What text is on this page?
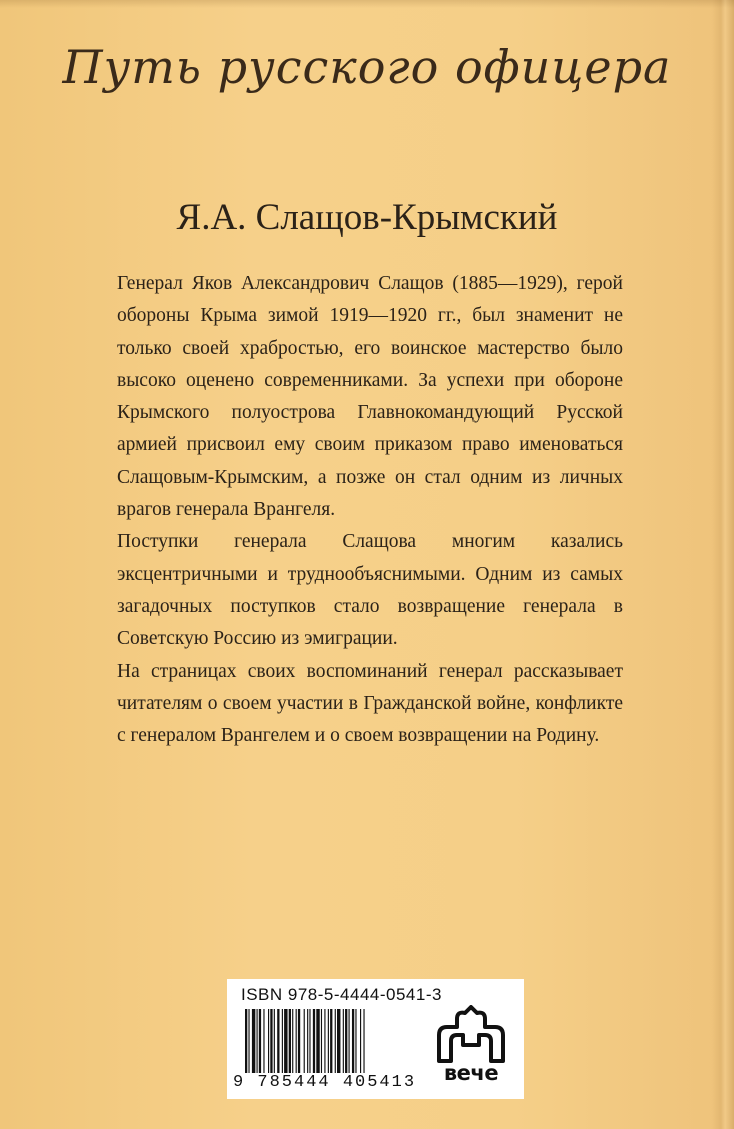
Путь русского офицера
Я.А. Слащов-Крымский

Генерал Яков Александрович Слащов (1885—1929), герой обороны Крыма зимой 1919—1920 гг., был знаменит не только своей храбростью, его воинское мастерство было высоко оценено современниками. За успехи при обороне Крымского полуострова Главнокомандующий Русской армией присвоил ему своим приказом право именоваться Слащовым-Крымским, а позже он стал одним из личных врагов генерала Врангеля.

Поступки генерала Слащова многим казались эксцентричными и труднообъяснимыми. Одним из самых загадочных поступков стало возвращение генерала в Советскую Россию из эмиграции.

На страницах своих воспоминаний генерал рассказывает читателям о своем участии в Гражданской войне, конфликте с генералом Врангелем и о своем возвращении на Родину.

ISBN 978-5-4444-0541-3
9 785444 405413	вече
